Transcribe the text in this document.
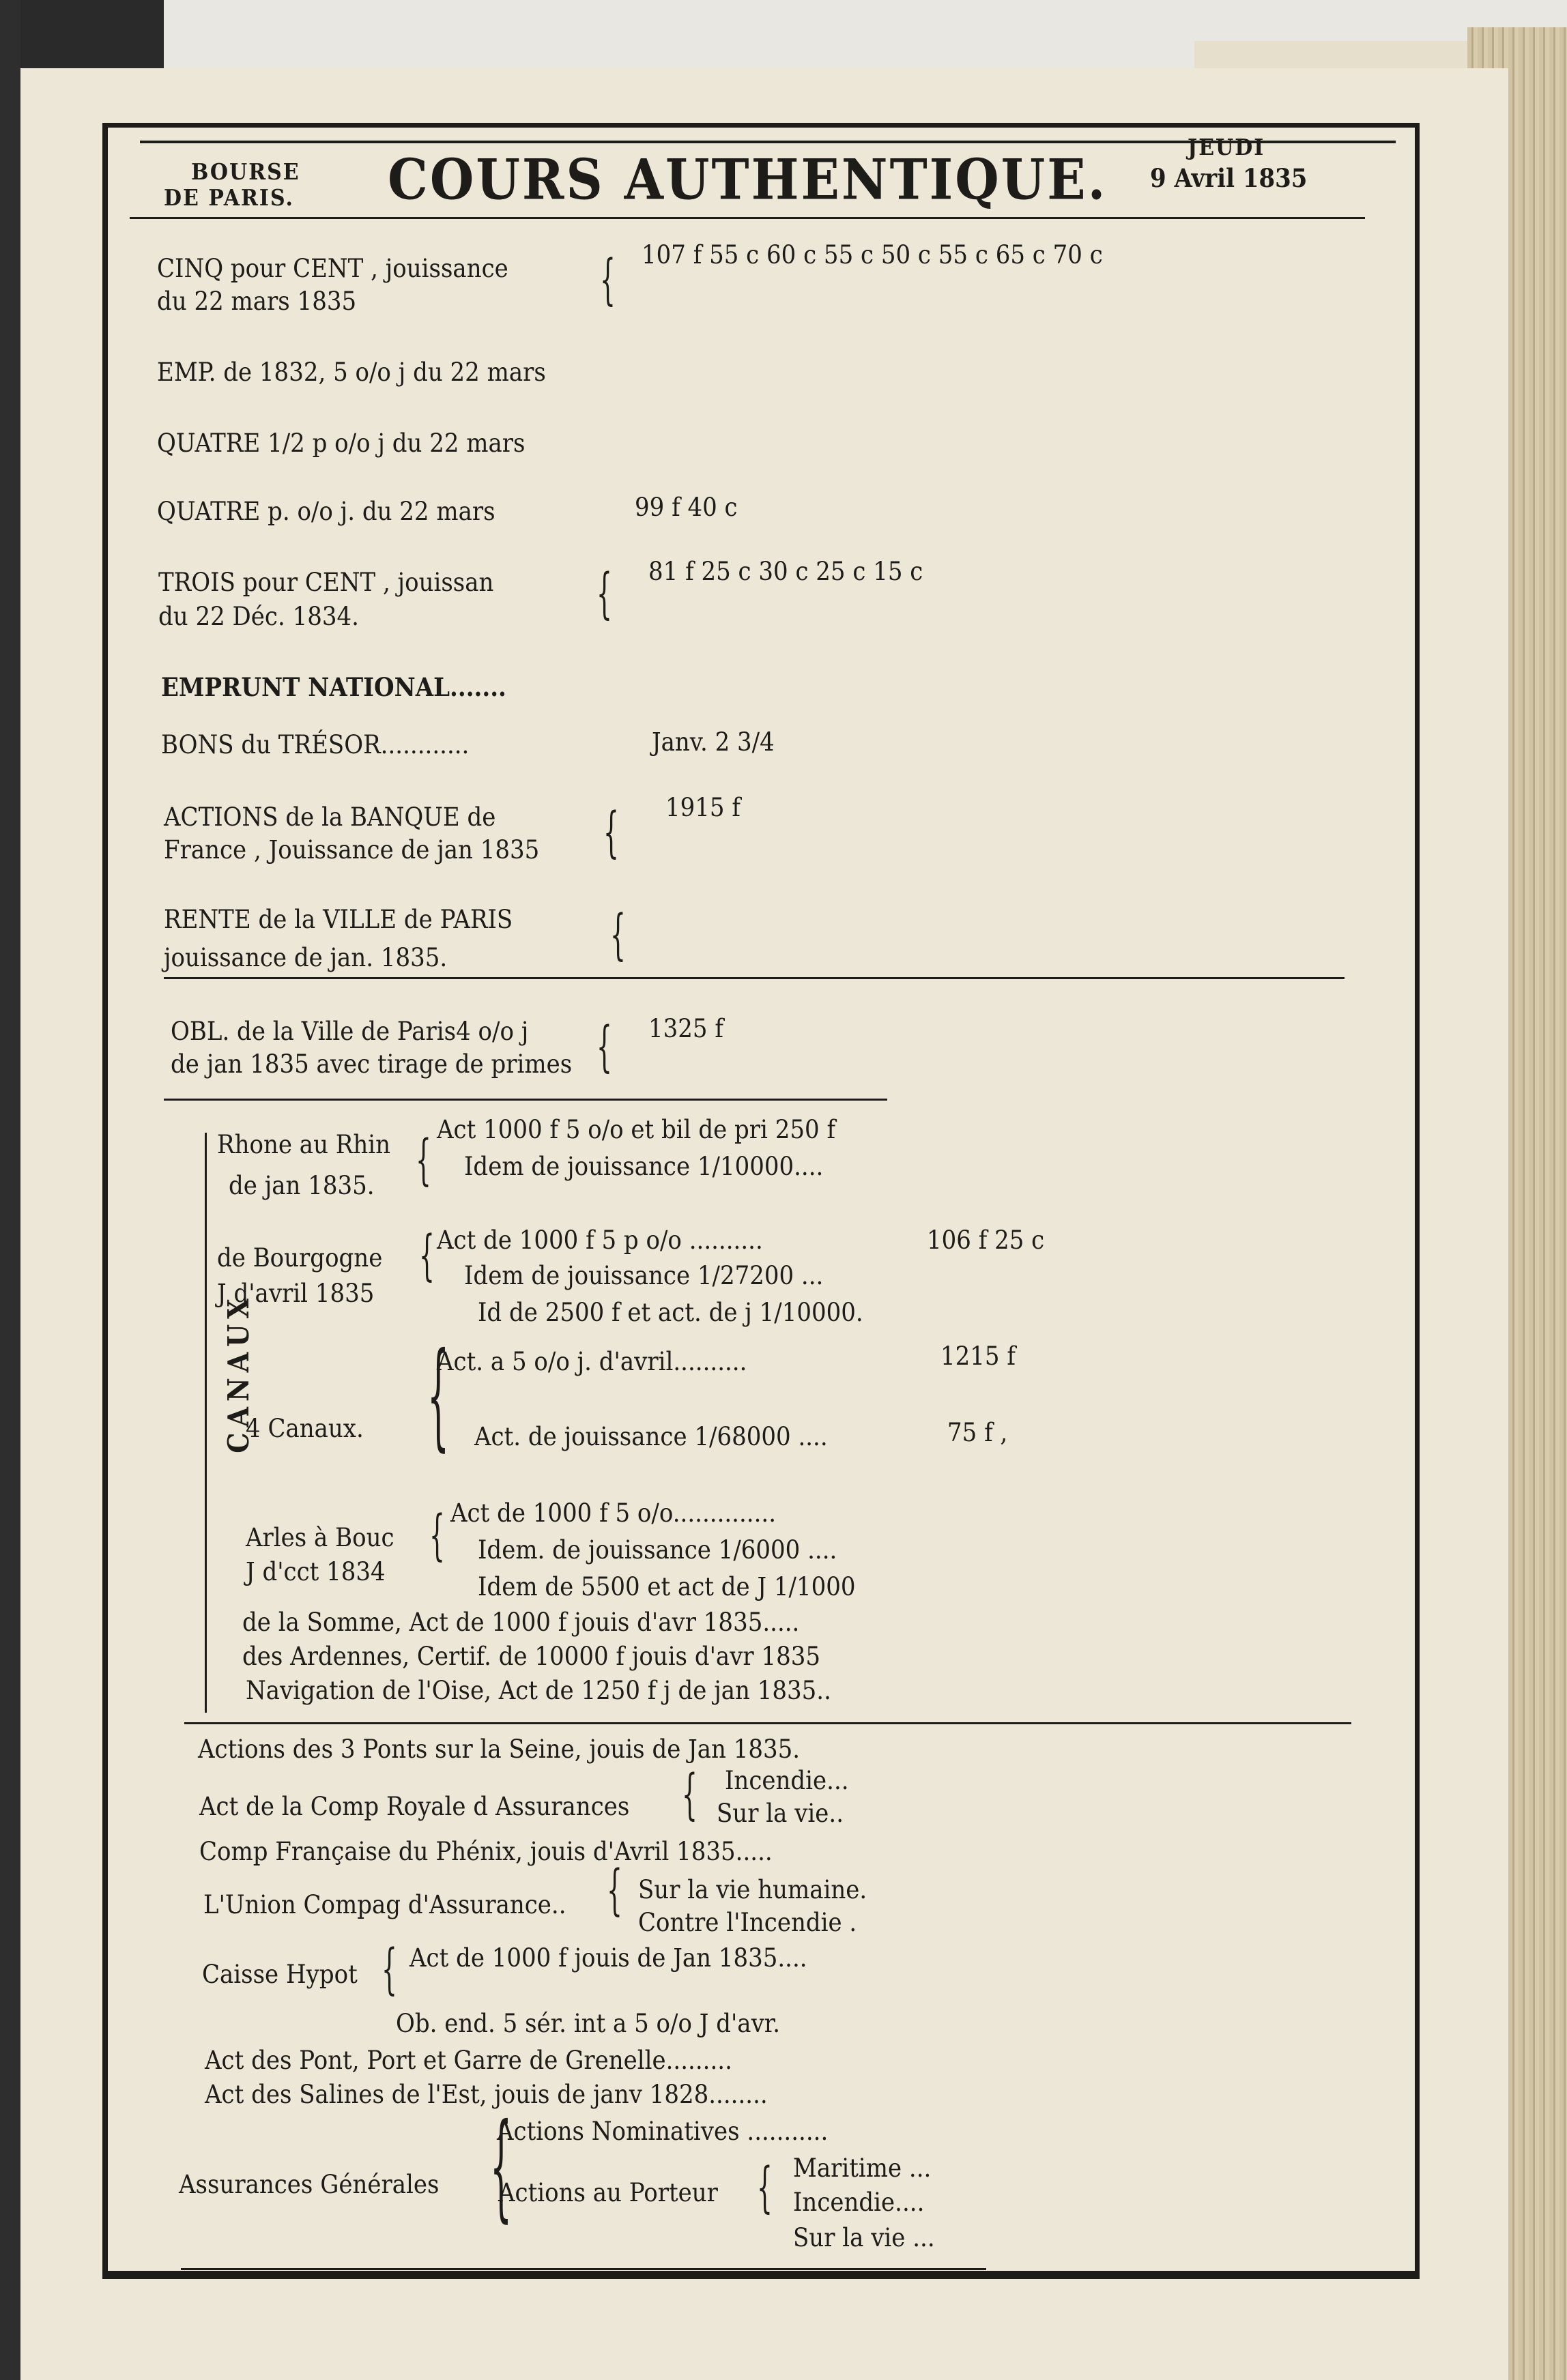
BOURSE
DE PARIS. COURS AUTHENTIQUE.
JEUDI
9 Avril 1835
CINQ pour CENT , jouissance
du 22 mars 1835	{ 107 f 55 c 60 c 55 c 50 c 55 c 65 c 70 c
EMP. de 1832, 5 o/o j du 22 mars
QUATRE 1/2 p o/o j du 22 mars
QUATRE p. o/o j. du 22 mars	99 f 40 c
TROIS pour CENT , jouissan
du 22 Déc. 1834.	{ 81 f 25 c 30 c 25 c 15 c
EMPRUNT NATIONAL.......
BONS du TRÉSOR............	Janv. 2 3/4
ACTIONS de la BANQUE de
France , Jouissance de jan 1835 { 1915 f
RENTE de la VILLE de PARIS
jouissance de jan. 1835.	{
OBL. de la Ville de Paris4 o/o j
de jan 1835 avec tirage de primes { 1325 f
CANAUX
Rhone au Rhin
de jan 1835. { Act 1000 f 5 o/o et bil de pri 250 f
Idem de jouissance 1/10000....
de Bourgogne
J d'avril 1835
{ Act de 1000 f 5 p o/o ..........	106 f 25 c
Idem de jouissance 1/27200 ...
Id de 2500 f et act. de j 1/10000.
{
4 Canaux.
Act. a 5 o/o j. d'avril..........	1215 f
Act. de jouissance 1/68000 ....	75 f ,
Arles à Bouc
J d'cct 1834
{ Act de 1000 f 5 o/o..............
Idem. de jouissance 1/6000 ....
Idem de 5500 et act de J 1/1000
de la Somme, Act de 1000 f jouis d'avr 1835.....
des Ardennes, Certif. de 10000 f jouis d'avr 1835
Navigation de l'Oise, Act de 1250 f j de jan 1835..
Actions des 3 Ponts sur la Seine, jouis de Jan 1835.
Act de la Comp Royale d Assurances { Incendie...
Sur la vie..
Comp Française du Phénix, jouis d'Avril 1835.....
L'Union Compag d'Assurance.. { Sur la vie humaine.
Contre l'Incendie .
Caisse Hypot { Act de 1000 f jouis de Jan 1835....
Ob. end. 5 sér. int a 5 o/o J d'avr.
Act des Pont, Port et Garre de Grenelle.........
Act des Salines de l'Est, jouis de janv 1828........
Assurances Générales {
Actions Nominatives ...........
Actions au Porteur { Maritime ...
Incendie....
Sur la vie ...
